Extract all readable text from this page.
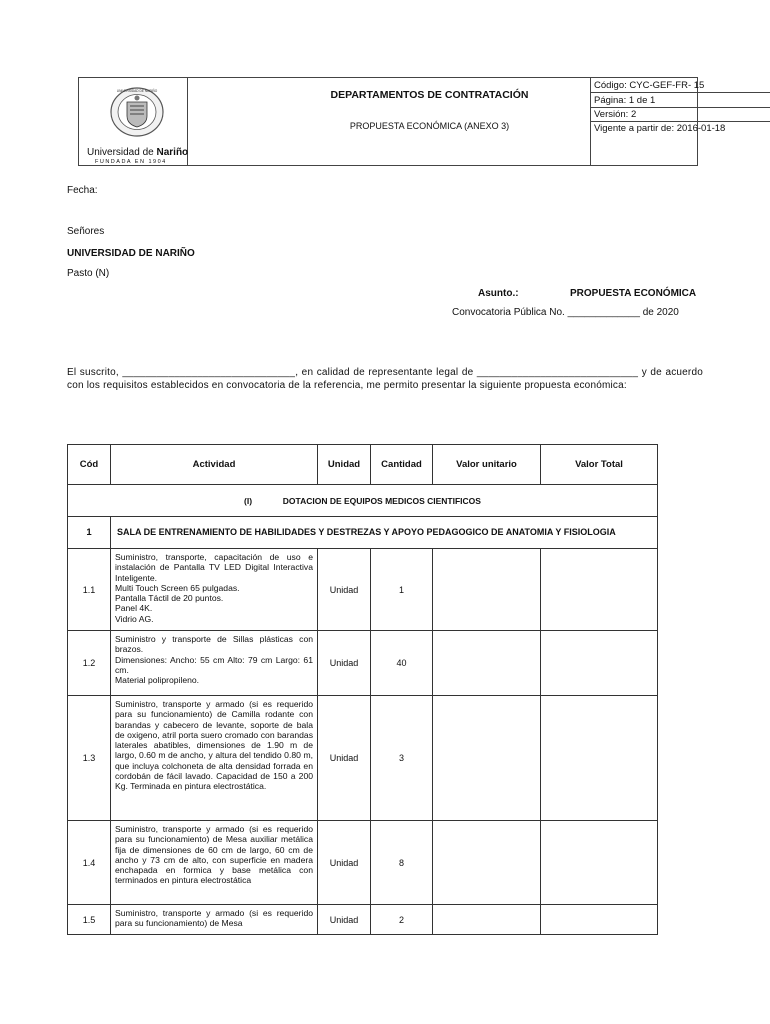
UNIVERSIDAD DE NARIÑO
Universidad de Nariño
FUNDADA EN 1904
DEPARTAMENTOS DE CONTRATACIÓN
PROPUESTA ECONÓMICA (ANEXO 3)
Código: CYC-GEF-FR- 15
Página: 1 de 1
Versión: 2
Vigente a partir de: 2016-01-18
Fecha:
Señores
UNIVERSIDAD DE NARIÑO
Pasto (N)
Asunto.:	PROPUESTA ECONÓMICA
Convocatoria Pública No. _____________ de 2020
El suscrito, ______________________________, en calidad de representante legal de ____________________________ y de acuerdo con los requisitos establecidos en convocatoria de la referencia, me permito presentar la siguiente propuesta económica:
Cód	Actividad	Unidad	Cantidad	Valor unitario	Valor Total
(I) DOTACION DE EQUIPOS MEDICOS CIENTIFICOS					
1	SALA DE ENTRENAMIENTO DE HABILIDADES Y DESTREZAS Y APOYO PEDAGOGICO DE ANATOMIA Y FISIOLOGIA				
1.1	Suministro, transporte, capacitación de uso e instalación de Pantalla TV LED Digital Interactiva Inteligente.
Multi Touch Screen 65 pulgadas.
Pantalla Táctil de 20 puntos.
Panel 4K.
Vidrio AG.	Unidad	1		
1.2	Suministro y transporte de Sillas plásticas con brazos.
Dimensiones: Ancho: 55 cm Alto: 79 cm Largo: 61 cm.
Material polipropileno.	Unidad	40		
1.3	Suministro, transporte y armado (si es requerido para su funcionamiento) de Camilla rodante con barandas y cabecero de levante, soporte de bala de oxigeno, atril porta suero cromado con barandas laterales abatibles, dimensiones de 1.90 m de largo, 0.60 m de ancho, y altura del tendido 0.80 m, que incluya colchoneta de alta densidad forrada en cordobán de fácil lavado. Capacidad de 150 a 200 Kg. Terminada en pintura electrostática.	Unidad	3		
1.4	Suministro, transporte y armado (si es requerido para su funcionamiento) de Mesa auxiliar metálica fija de dimensiones de 60 cm de largo, 60 cm de ancho y 73 cm de alto, con superficie en madera enchapada en formica y base metálica con terminados en pintura electrostática	Unidad	8		
1.5	Suministro, transporte y armado (si es requerido para su funcionamiento) de Mesa	Unidad	2		
